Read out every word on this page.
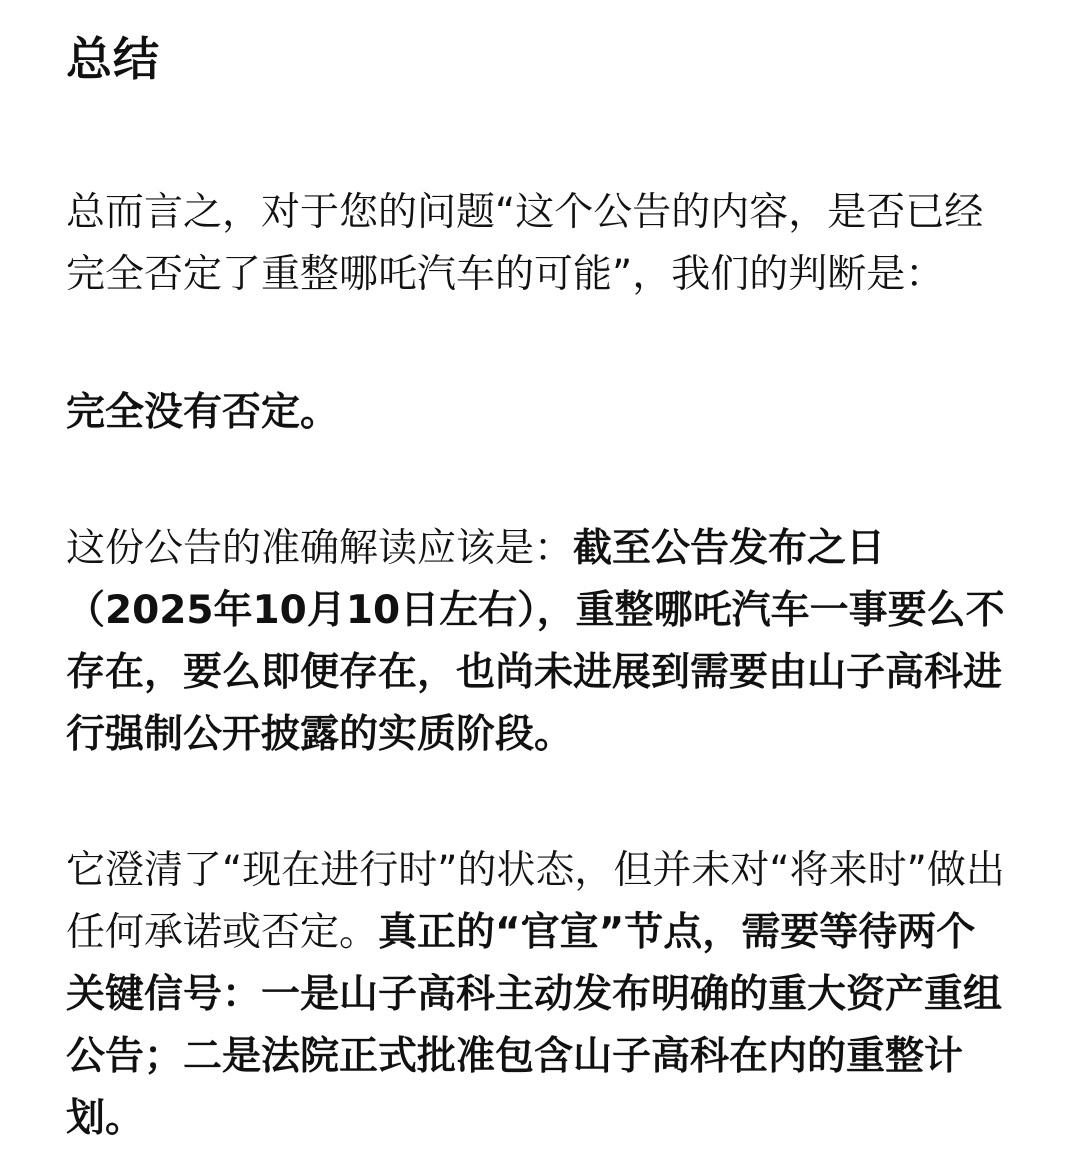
总结

总而言之，对于您的问题“这个公告的内容，是否已经完全否定了重整哪吒汽车的可能”，我们的判断是：

完全没有否定。

这份公告的准确解读应该是：截至公告发布之日（2025年10月10日左右），重整哪吒汽车一事要么不存在，要么即便存在，也尚未进展到需要由山子高科进行强制公开披露的实质阶段。

它澄清了“现在进行时”的状态，但并未对“将来时”做出任何承诺或否定。真正的“官宣”节点，需要等待两个关键信号：一是山子高科主动发布明确的重大资产重组公告；二是法院正式批准包含山子高科在内的重整计划。
